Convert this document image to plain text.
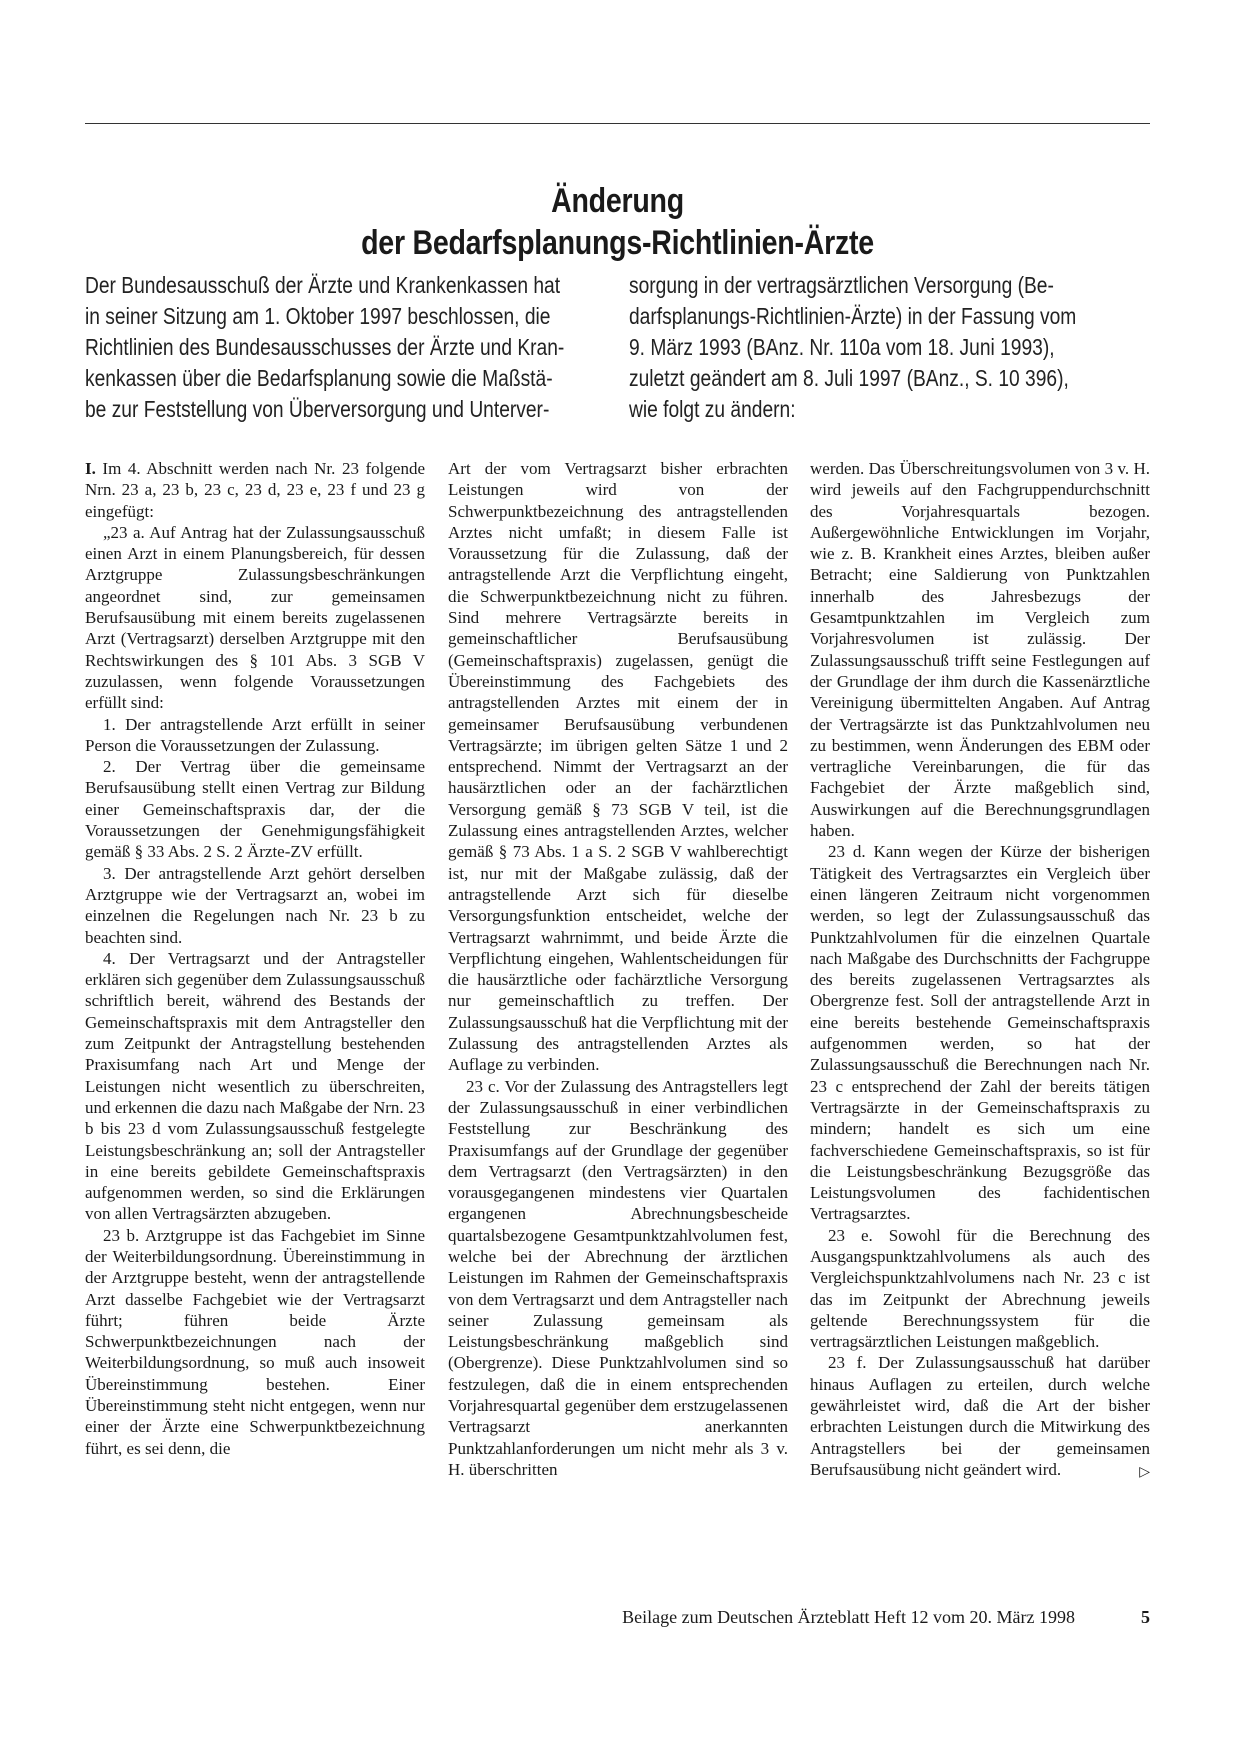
Änderung
der Bedarfsplanungs-Richtlinien-Ärzte
Der Bundesausschuß der Ärzte und Krankenkassen hat
in seiner Sitzung am 1. Oktober 1997 beschlossen, die
Richtlinien des Bundesausschusses der Ärzte und Kran-
kenkassen über die Bedarfsplanung sowie die Maßstä-
be zur Feststellung von Überversorgung und Unterver-
sorgung in der vertragsärztlichen Versorgung (Be-
darfsplanungs-Richtlinien-Ärzte) in der Fassung vom
9. März 1993 (BAnz. Nr. 110a vom 18. Juni 1993),
zuletzt geändert am 8. Juli 1997 (BAnz., S. 10 396),
wie folgt zu ändern:

I. Im 4. Abschnitt werden nach Nr. 23 folgende Nrn. 23 a, 23 b, 23 c, 23 d, 23 e, 23 f und 23 g eingefügt:

„23 a. Auf Antrag hat der Zulassungsausschuß einen Arzt in einem Planungsbereich, für dessen Arztgruppe Zulassungsbeschränkungen angeordnet sind, zur gemeinsamen Berufsausübung mit einem bereits zugelassenen Arzt (Vertragsarzt) derselben Arztgruppe mit den Rechtswirkungen des § 101 Abs. 3 SGB V zuzulassen, wenn folgende Voraussetzungen erfüllt sind:

1. Der antragstellende Arzt erfüllt in seiner Person die Voraussetzungen der Zulassung.

2. Der Vertrag über die gemeinsame Berufsausübung stellt einen Vertrag zur Bildung einer Gemeinschaftspraxis dar, der die Voraussetzungen der Genehmigungsfähigkeit gemäß § 33 Abs. 2 S. 2 Ärzte-ZV erfüllt.

3. Der antragstellende Arzt gehört derselben Arztgruppe wie der Vertragsarzt an, wobei im einzelnen die Regelungen nach Nr. 23 b zu beachten sind.

4. Der Vertragsarzt und der Antragsteller erklären sich gegenüber dem Zulassungsausschuß schriftlich bereit, während des Bestands der Gemeinschaftspraxis mit dem Antragsteller den zum Zeitpunkt der Antragstellung bestehenden Praxisumfang nach Art und Menge der Leistungen nicht wesentlich zu überschreiten, und erkennen die dazu nach Maßgabe der Nrn. 23 b bis 23 d vom Zulassungsausschuß festgelegte Leistungsbeschränkung an; soll der Antragsteller in eine bereits gebildete Gemeinschaftspraxis aufgenommen werden, so sind die Erklärungen von allen Vertragsärzten abzugeben.

23 b. Arztgruppe ist das Fachgebiet im Sinne der Weiterbildungsordnung. Übereinstimmung in der Arztgruppe besteht, wenn der antragstellende Arzt dasselbe Fachgebiet wie der Vertragsarzt führt; führen beide Ärzte Schwerpunktbezeichnungen nach der Weiterbildungsordnung, so muß auch insoweit Übereinstimmung bestehen. Einer Übereinstimmung steht nicht entgegen, wenn nur einer der Ärzte eine Schwerpunktbezeichnung führt, es sei denn, die

Art der vom Vertragsarzt bisher erbrachten Leistungen wird von der Schwerpunktbezeichnung des antragstellenden Arztes nicht umfaßt; in diesem Falle ist Voraussetzung für die Zulassung, daß der antragstellende Arzt die Verpflichtung eingeht, die Schwerpunktbezeichnung nicht zu führen. Sind mehrere Vertragsärzte bereits in gemeinschaftlicher Berufsausübung (Gemeinschaftspraxis) zugelassen, genügt die Übereinstimmung des Fachgebiets des antragstellenden Arztes mit einem der in gemeinsamer Berufsausübung verbundenen Vertragsärzte; im übrigen gelten Sätze 1 und 2 entsprechend. Nimmt der Vertragsarzt an der hausärztlichen oder an der fachärztlichen Versorgung gemäß § 73 SGB V teil, ist die Zulassung eines antragstellenden Arztes, welcher gemäß § 73 Abs. 1 a S. 2 SGB V wahlberechtigt ist, nur mit der Maßgabe zulässig, daß der antragstellende Arzt sich für dieselbe Versorgungsfunktion entscheidet, welche der Vertragsarzt wahrnimmt, und beide Ärzte die Verpflichtung eingehen, Wahlentscheidungen für die hausärztliche oder fachärztliche Versorgung nur gemeinschaftlich zu treffen. Der Zulassungsausschuß hat die Verpflichtung mit der Zulassung des antragstellenden Arztes als Auflage zu verbinden.

23 c. Vor der Zulassung des Antragstellers legt der Zulassungsausschuß in einer verbindlichen Feststellung zur Beschränkung des Praxisumfangs auf der Grundlage der gegenüber dem Vertragsarzt (den Vertragsärzten) in den vorausgegangenen mindestens vier Quartalen ergangenen Abrechnungsbescheide quartalsbezogene Gesamtpunktzahlvolumen fest, welche bei der Abrechnung der ärztlichen Leistungen im Rahmen der Gemeinschaftspraxis von dem Vertragsarzt und dem Antragsteller nach seiner Zulassung gemeinsam als Leistungsbeschränkung maßgeblich sind (Obergrenze). Diese Punktzahlvolumen sind so festzulegen, daß die in einem entsprechenden Vorjahresquartal gegenüber dem erstzugelassenen Vertragsarzt anerkannten Punktzahlanforderungen um nicht mehr als 3 v. H. überschritten

werden. Das Überschreitungsvolumen von 3 v. H. wird jeweils auf den Fachgruppendurchschnitt des Vorjahresquartals bezogen. Außergewöhnliche Entwicklungen im Vorjahr, wie z. B. Krankheit eines Arztes, bleiben außer Betracht; eine Saldierung von Punktzahlen innerhalb des Jahresbezugs der Gesamtpunktzahlen im Vergleich zum Vorjahresvolumen ist zulässig. Der Zulassungsausschuß trifft seine Festlegungen auf der Grundlage der ihm durch die Kassenärztliche Vereinigung übermittelten Angaben. Auf Antrag der Vertragsärzte ist das Punktzahlvolumen neu zu bestimmen, wenn Änderungen des EBM oder vertragliche Vereinbarungen, die für das Fachgebiet der Ärzte maßgeblich sind, Auswirkungen auf die Berechnungsgrundlagen haben.

23 d. Kann wegen der Kürze der bisherigen Tätigkeit des Vertragsarztes ein Vergleich über einen längeren Zeitraum nicht vorgenommen werden, so legt der Zulassungsausschuß das Punktzahlvolumen für die einzelnen Quartale nach Maßgabe des Durchschnitts der Fachgruppe des bereits zugelassenen Vertragsarztes als Obergrenze fest. Soll der antragstellende Arzt in eine bereits bestehende Gemeinschaftspraxis aufgenommen werden, so hat der Zulassungsausschuß die Berechnungen nach Nr. 23 c entsprechend der Zahl der bereits tätigen Vertragsärzte in der Gemeinschaftspraxis zu mindern; handelt es sich um eine fachverschiedene Gemeinschaftspraxis, so ist für die Leistungsbeschränkung Bezugsgröße das Leistungsvolumen des fachidentischen Vertragsarztes.

23 e. Sowohl für die Berechnung des Ausgangspunktzahlvolumens als auch des Vergleichspunktzahlvolumens nach Nr. 23 c ist das im Zeitpunkt der Abrechnung jeweils geltende Berechnungssystem für die vertragsärztlichen Leistungen maßgeblich.

23 f. Der Zulassungsausschuß hat darüber hinaus Auflagen zu erteilen, durch welche gewährleistet wird, daß die Art der bisher erbrachten Leistungen durch die Mitwirkung des Antragstellers bei der gemeinsamen Berufsausübung nicht geändert wird.	▷

Beilage zum Deutschen Ärzteblatt Heft 12 vom 20. März 1998	5
